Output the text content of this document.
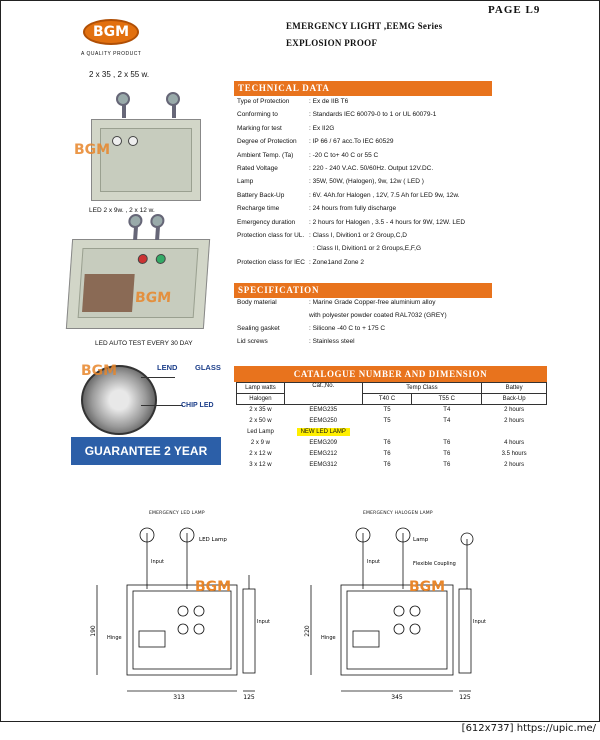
BGM
A QUALITY PRODUCT
2 x 35 , 2 x 55 w.
EMERGENCY LIGHT ,EEMG Series
EXPLOSION PROOF
PAGE L9
BGM
LED 2 x 9w. , 2 x 12 w.
BGM
LED AUTO TEST EVERY 30 DAY
BGM	LEND GLASS
CHIP LED
GUARANTEE 2 YEAR
TECHNICAL DATA
Type of Protection	: Ex de IIB T6
Conforming to	: Standards IEC 60079-0 to 1 or UL 60079-1
Marking for test	: Ex II2G
Degree of Protection : IP 66 / 67 acc.To IEC 60529
Ambient Temp. (Ta) : -20 C to+ 40 C or 55 C
Rated Voltage	: 220 - 240 V.AC. 50/60Hz. Output 12V.DC.
Lamp	: 35W, 50W, (Halogen), 9w, 12w ( LED )
Battery Back-Up	: 6V. 4Ah.for Halogen , 12V, 7.5 Ah for LED 9w, 12w.
Recharge time	: 24 hours from fully discharge
Emergency duration : 2 hours for Halogen , 3.5 - 4 hours for 9W, 12W. LED
Protection class for UL. : Class I, Divition1 or 2 Group,C,D
: Class II, Divition1 or 2 Groups,E,F,G
Protection class for IEC : Zone1and Zone 2
SPECIFICATION
Body material	: Marine Grade Copper-free aluminium alloy
with polyester powder coated RAL7032 (GREY)
Sealing gasket	: Silicone -40 C to + 175 C
Lid screws	: Stainless steel
CATALOGUE NUMBER AND DIMENSION
Lamp watts	Cat.,No.	Temp Class		Battey
Halogen		T40 C	T55 C	Back-Up
2 x 35 w	EEMG235	T5	T4	2 hours
2 x 50 w	EEMG250	T5	T4	2 hours
Led Lamp	NEW LED LAMP			
2 x 9 w	EEMG209	T6	T6	4 hours
2 x 12 w	EEMG212	T6	T6	3.5 hours
3 x 12 w	EEMG312	T6	T6	2 hours
EMERGENCY LED LAMP	EMERGENCY HALOGEN LAMP
313
190
125
LED Lamp
Input
Hinge
Input
BGM
345
220
125
Lamp
Input	Flexible Coupling
Hinge
Input
BGM
[612x737] https://upic.me/
